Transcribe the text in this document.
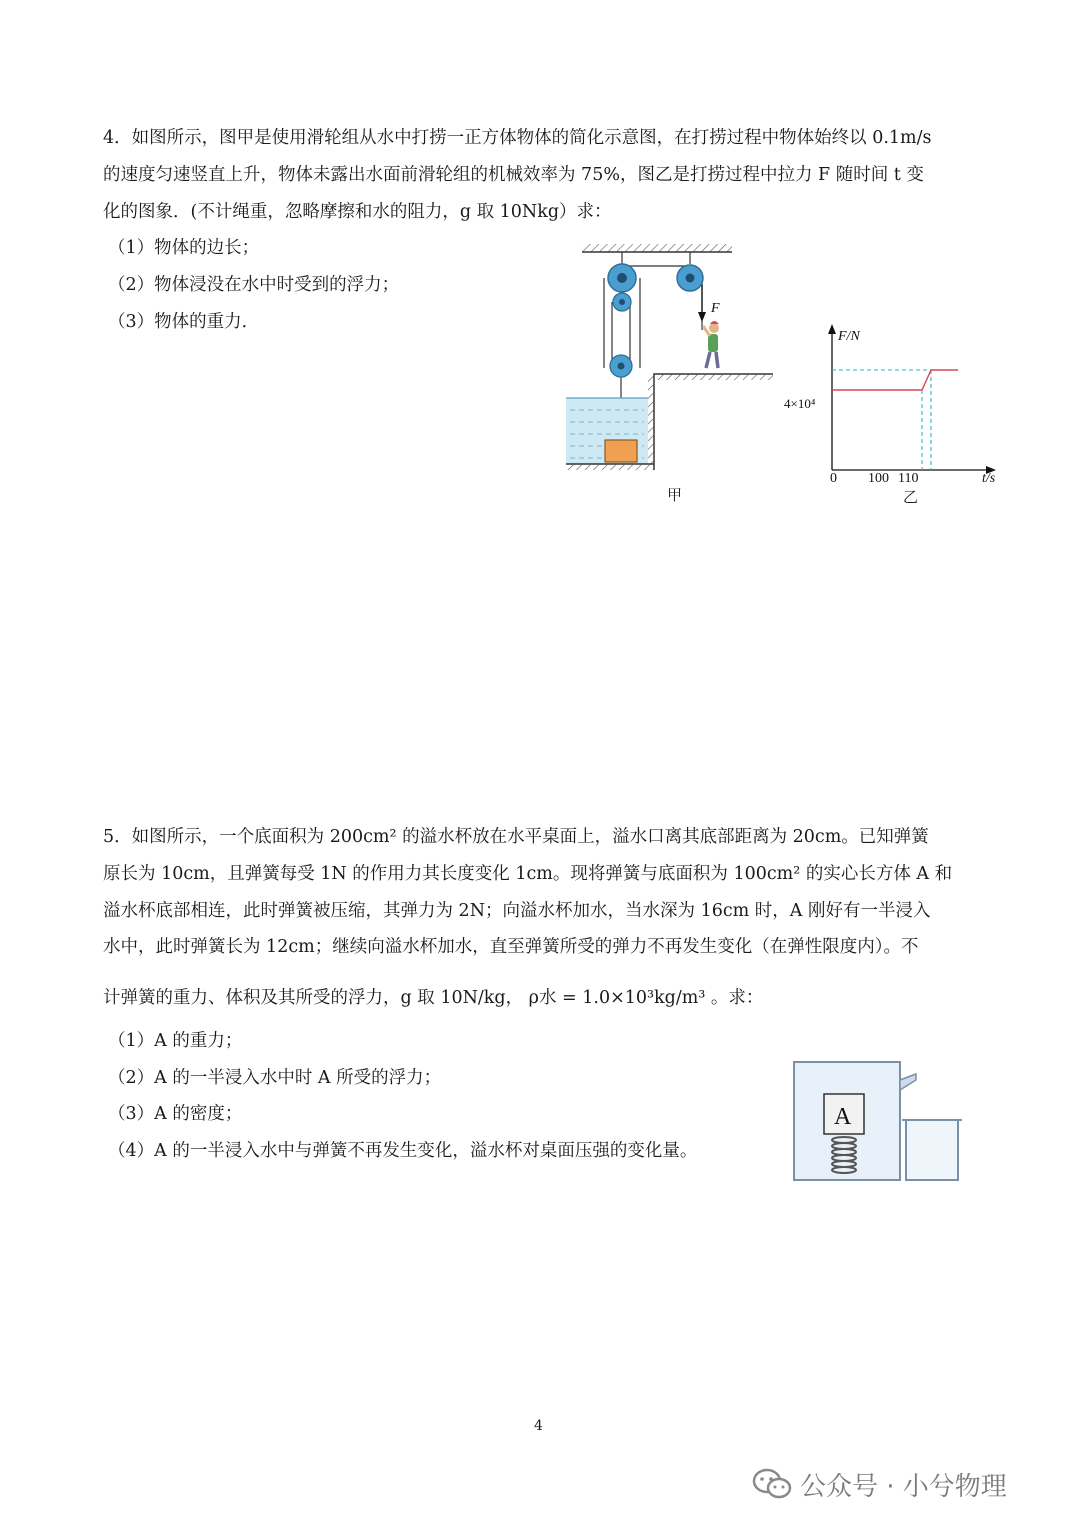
4．如图所示，图甲是使用滑轮组从水中打捞一正方体物体的简化示意图，在打捞过程中物体始终以 0.1m/s
的速度匀速竖直上升，物体未露出水面前滑轮组的机械效率为 75%，图乙是打捞过程中拉力 F 随时间 t 变
化的图象．(不计绳重，忽略摩擦和水的阻力，g 取 10Nkg）求：
（1）物体的边长；
（2）物体浸没在水中时受到的浮力；
（3）物体的重力．
F
甲
F/N
t/s
0 100 110
4×10⁴
乙
5．如图所示，一个底面积为 200cm² 的溢水杯放在水平桌面上，溢水口离其底部距离为 20cm。已知弹簧
原长为 10cm，且弹簧每受 1N 的作用力其长度变化 1cm。现将弹簧与底面积为 100cm² 的实心长方体 A 和
溢水杯底部相连，此时弹簧被压缩，其弹力为 2N；向溢水杯加水，当水深为 16cm 时，A 刚好有一半浸入
水中，此时弹簧长为 12cm；继续向溢水杯加水，直至弹簧所受的弹力不再发生变化（在弹性限度内）。不
计弹簧的重力、体积及其所受的浮力，g 取 10N/kg， ρ水 = 1.0×10³kg/m³ 。求：
（1）A 的重力；
（2）A 的一半浸入水中时 A 所受的浮力；
（3）A 的密度；
（4）A 的一半浸入水中与弹簧不再发生变化，溢水杯对桌面压强的变化量。
A
4
公众号 · 小兮物理
